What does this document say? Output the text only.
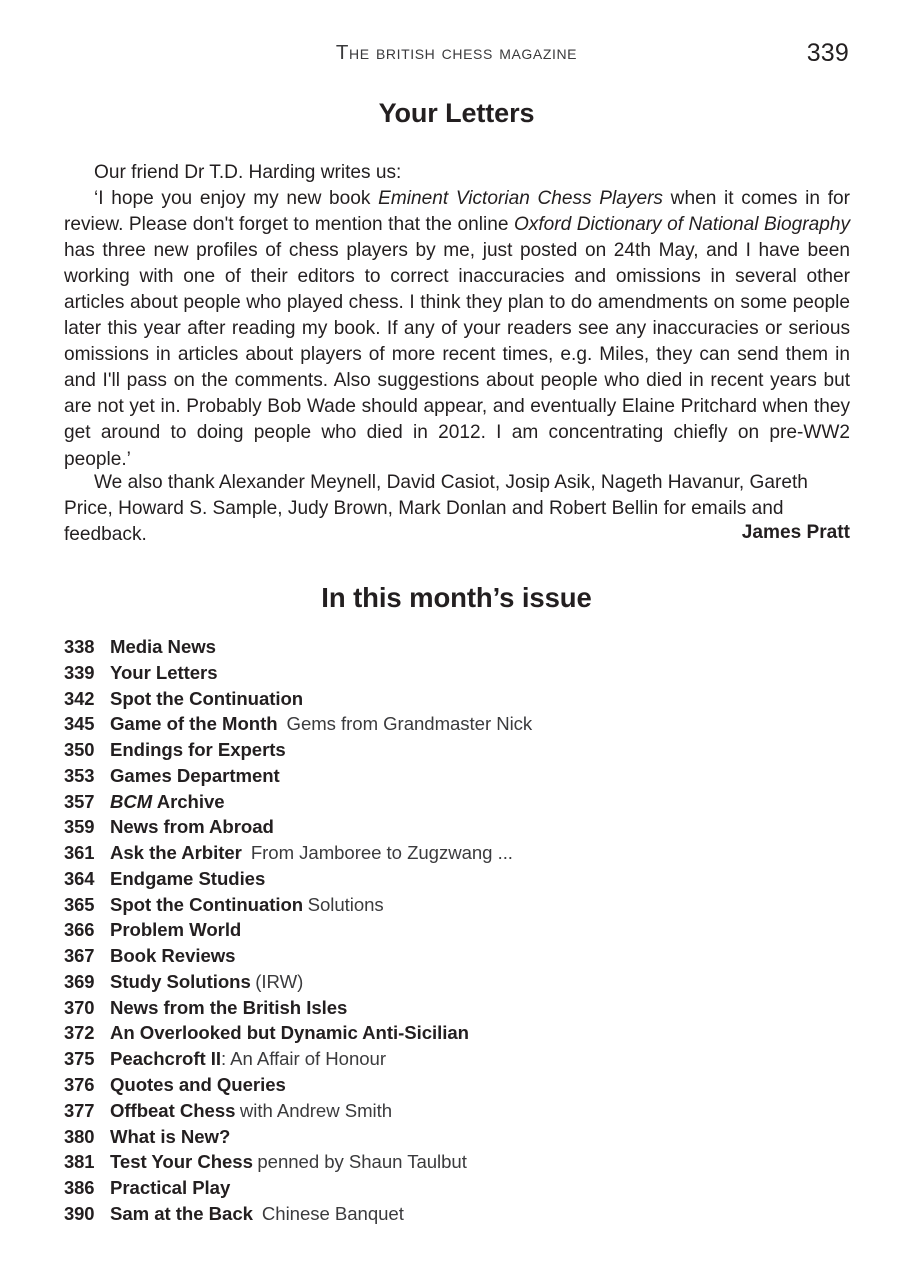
The british chess magazine	339
Your Letters

Our friend Dr T.D. Harding writes us:

‘I hope you enjoy my new book Eminent Victorian Chess Players when it comes in for review. Please don't forget to mention that the online Oxford Dictionary of National Biography has three new profiles of chess players by me, just posted on 24th May, and I have been working with one of their editors to correct inaccuracies and omissions in several other articles about people who played chess. I think they plan to do amendments on some people later this year after reading my book. If any of your readers see any inaccuracies or serious omissions in articles about players of more recent times, e.g. Miles, they can send them in and I'll pass on the comments. Also suggestions about people who died in recent years but are not yet in. Probably Bob Wade should appear, and eventually Elaine Pritchard when they get around to doing people who died in 2012. I am concentrating chiefly on pre-WW2 people.’

We also thank Alexander Meynell, David Casiot, Josip Asik, Nageth Havanur, Gareth Price, Howard S. Sample, Judy Brown, Mark Donlan and Robert Bellin for emails and feedback.	James Pratt
In this month’s issue
338 Media News
339 Your Letters
342 Spot the Continuation
345 Game of the Month Gems from Grandmaster Nick
350 Endings for Experts
353 Games Department
357 BCM Archive
359 News from Abroad
361 Ask the Arbiter From Jamboree to Zugzwang ...
364 Endgame Studies
365 Spot the Continuation Solutions
366 Problem World
367 Book Reviews
369 Study Solutions (IRW)
370 News from the British Isles
372 An Overlooked but Dynamic Anti-Sicilian
375 Peachcroft II: An Affair of Honour
376 Quotes and Queries
377 Offbeat Chess with Andrew Smith
380 What is New?
381 Test Your Chess penned by Shaun Taulbut
386 Practical Play
390 Sam at the Back Chinese Banquet
